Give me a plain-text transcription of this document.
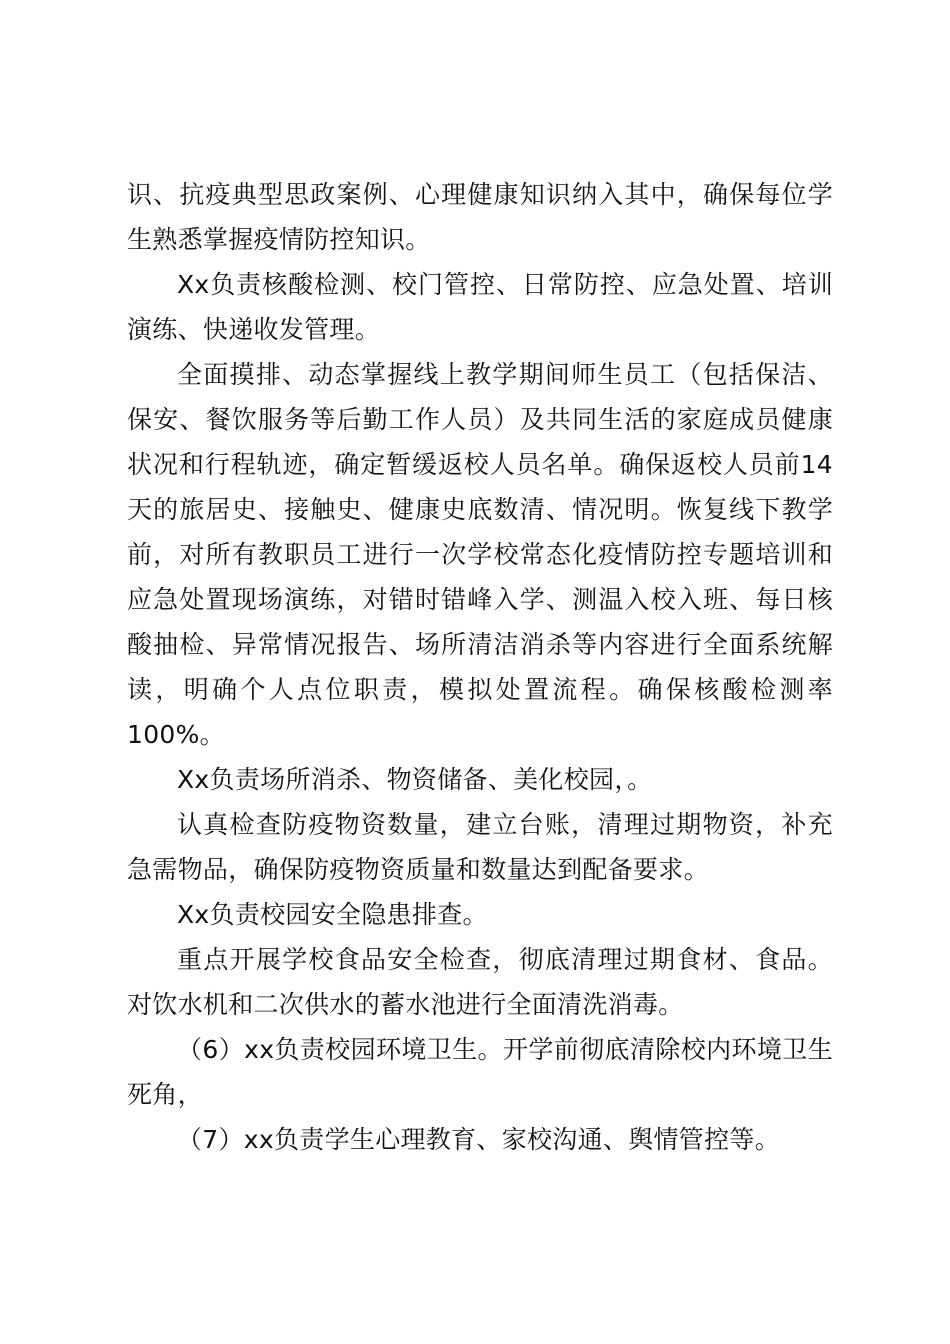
识、抗疫典型思政案例、心理健康知识纳入其中，确保每位学生熟悉掌握疫情防控知识。

Xx负责核酸检测、校门管控、日常防控、应急处置、培训演练、快递收发管理。

全面摸排、动态掌握线上教学期间师生员工（包括保洁、保安、餐饮服务等后勤工作人员）及共同生活的家庭成员健康状况和行程轨迹，确定暂缓返校人员名单。确保返校人员前14天的旅居史、接触史、健康史底数清、情况明。恢复线下教学前，对所有教职员工进行一次学校常态化疫情防控专题培训和应急处置现场演练，对错时错峰入学、测温入校入班、每日核酸抽检、异常情况报告、场所清洁消杀等内容进行全面系统解读，明确个人点位职责，模拟处置流程。确保核酸检测率100%。

Xx负责场所消杀、物资储备、美化校园，。

认真检查防疫物资数量，建立台账，清理过期物资，补充急需物品，确保防疫物资质量和数量达到配备要求。

Xx负责校园安全隐患排查。

重点开展学校食品安全检查，彻底清理过期食材、食品。对饮水机和二次供水的蓄水池进行全面清洗消毒。

（6）xx负责校园环境卫生。开学前彻底清除校内环境卫生死角，

（7）xx负责学生心理教育、家校沟通、舆情管控等。
